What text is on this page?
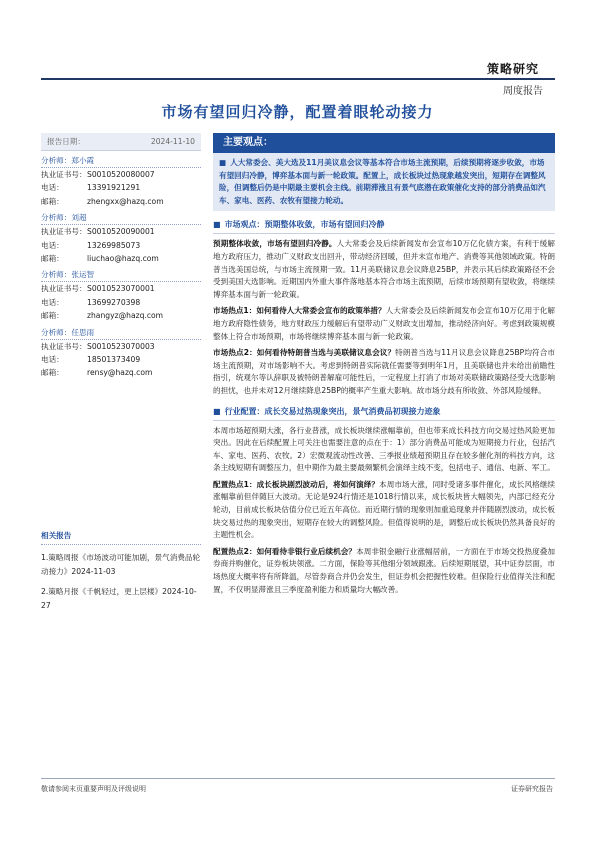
策略研究
周度报告
市场有望回归冷静，配置着眼轮动接力
报告日期：	2024-11-10
分析师：郑小霞
执业证书号： S0010520080007
电话：	13391921291
邮箱：	zhengxx@hazq.com
分析师：刘超
执业证书号： S0010520090001
电话：	13269985073
邮箱：	liuchao@hazq.com
分析师：张运智
执业证书号： S0010523070001
电话：	13699270398
邮箱：	zhangyz@hazq.com
分析师：任思雨
执业证书号： S0010523070003
电话：	18501373409
邮箱：	rensy@hazq.com
相关报告
1.策略周报《市场波动可能加剧，景气消费品轮动接力》2024-11-03
2.策略月报《千帆轻过，更上层楼》2024-10-27
主要观点：
■ 人大常委会、美大选及11月美议息会议等基本符合市场主流预期，后续预期将逐步收敛，市场有望回归冷静，博弈基本面与新一轮政策。配置上，成长板块过热现象越发突出，短期存在调整风险，但调整后仍是中期最主要机会主线。前期滞涨且有景气底潜在政策催化支持的部分消费品如汽车、家电、医药、农牧有望接力轮动。
■ 市场观点：预期整体收敛，市场有望回归冷静

预期整体收敛，市场有望回归冷静。人大常委会及后续新闻发布会宣布10万亿化债方案，有利于缓解地方政府压力，推动广义财政支出回升，带动经济回暖，但并未宣布地产、消费等其他领域政策。特朗普当选美国总统，与市场主流预期一致。11月美联储议息会议降息25BP，并表示其后续政策路径不会受到美国大选影响。近期国内外重大事件落地基本符合市场主流预期，后续市场预期有望收敛，将继续博弈基本面与新一轮政策。

市场热点1：如何看待人大常委会宣布的政策举措？人大常委会及后续新闻发布会宣布10万亿用于化解地方政府隐性债务，地方财政压力缓解后有望带动广义财政支出增加，推动经济向好。考虑到政策规模整体上符合市场预期，市场将继续博弈基本面与新一轮政策。

市场热点2：如何看待特朗普当选与美联储议息会议？特朗普当选与11月议息会议降息25BP均符合市场主流预期，对市场影响不大。考虑到特朗普实际就任需要等到明年1月，且美联储也并未给出前瞻性指引，统观尔等认辞职及被特朗普解雇可能性后，一定程度上打消了市场对美联储政策路径受大选影响的担忧，也并未对12月继续降息25BP的概率产生重大影响。故市场分歧有所收敛、外部风险缓释。

■ 行业配置：成长交易过热现象突出，景气消费品初现接力迹象

本周市场超预期大涨，各行业普涨，成长板块继续涨幅靠前，但也带来成长科技方向交易过热风险更加突出。因此在后续配置上可关注也需要注意的点在于：1）部分消费品可能成为短期接力行业，包括汽车、家电、医药、农牧。2）宏微观流动性改善、三季报业绩超预期且存在较多催化剂的科技方向，这条主线短期有调整压力，但中期作为最主要最频繁机会演绎主线不变，包括电子、通信、电新、军工。

配置热点1：成长板块剧烈波动后，将如何演绎？本周市场大涨，同时受诸多事件催化，成长风格继续涨幅靠前但伴随巨大波动。无论是924行情还是1018行情以来，成长板块皆大幅领先，内部已经充分轮动，目前成长板块估值分位已近五年高位。而近期行情的现象则加重追现象并伴随剧烈波动，成长板块交易过热的现象突出，短期存在较大的调整风险。但值得说明的是，调整后成长板块仍然具备良好的主题性机会。

配置热点2：如何看待非银行业后续机会？本周非银金融行业涨幅居前，一方面在于市场交投热度叠加券商并购催化，证券板块领涨。二方面，保险等其他细分领域跟涨。后续短期展望，其中证券层面，市场热度大概率将有所降温，尽管券商合并仍会发生，但证券机会把握性较难。但保险行业值得关注和配置，不仅明显滞涨且三季度盈利能力和质量均大幅改善。

敬请参阅末页重要声明及评级说明	证券研究报告
